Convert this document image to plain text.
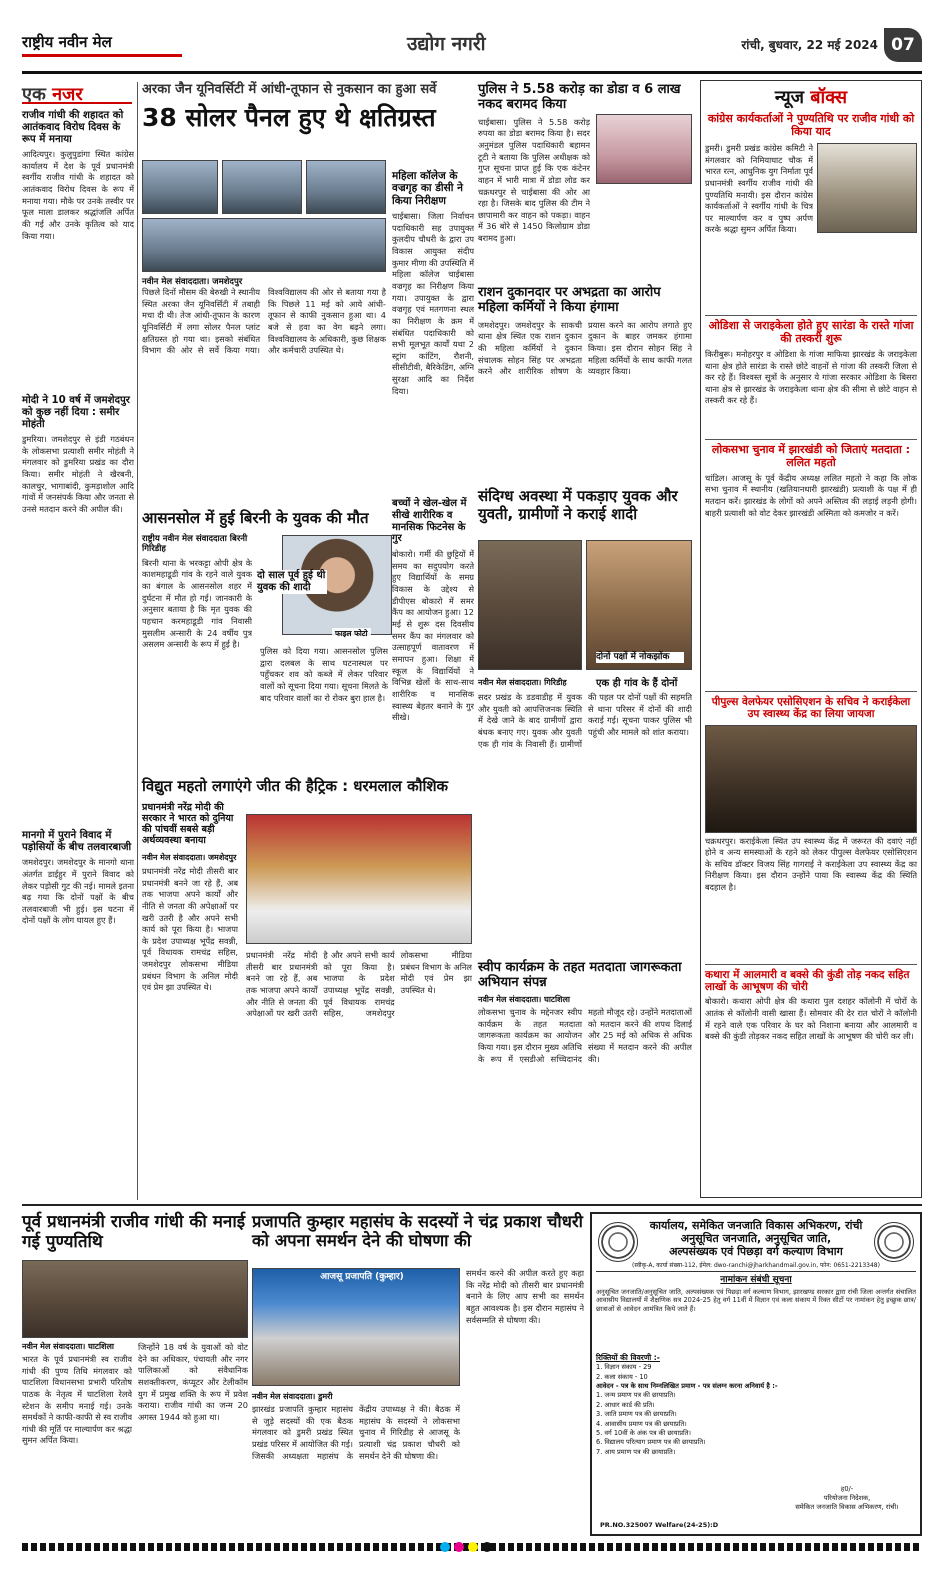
राष्ट्रीय नवीन मेल	उद्योग नगरी	रांची, बुधवार, 22 मई 2024 07
एक नजर
राजीव गांधी की शहादत को आतंकवाद विरोध दिवस के रूप में मनाया
आदित्यपुर। कुलुपुडांगा स्थित कांग्रेस कार्यालय में देश के पूर्व प्रधानमंत्री स्वर्गीय राजीव गांधी के शहादत को आतंकवाद विरोध दिवस के रूप में मनाया गया। मौके पर उनके तस्वीर पर फूल माला डालकर श्रद्धांजलि अर्पित की गई और उनके कृतित्व को याद किया गया।
मोदी ने 10 वर्ष में जमशेदपुर को कुछ नहीं दिया : समीर मोहंती
डुमरिया। जमशेदपुर से इंडी गठबंधन के लोकसभा प्रत्याशी समीर मोहंती ने मंगलवार को डुमरिया प्रखंड का दौरा किया। समीर मोहंती ने खैरबनी, कालचुर, भागाबांदी, कुमड़ाशोल आदि गांवों में जनसंपर्क किया और जनता से उनसे मतदान करने की अपील की।
मानगो में पुराने विवाद में पड़ोसियों के बीच तलवारबाजी
जमशेदपुर। जमशेदपुर के मानगो थाना अंतर्गत डाईहुर में पुराने विवाद को लेकर पड़ोसी गुट की नई। मामले इतना बढ़ गया कि दोनों पक्षों के बीच तलवारबाजी भी हुई। इस घटना में दोनों पक्षों के लोग घायल हुए हैं।
अरका जैन यूनिवर्सिटी में आंधी-तूफान से नुकसान का हुआ सर्वे
38 सोलर पैनल हुए थे क्षतिग्रस्त
नवीन मेल संवाददाता। जमशेदपुर
पिछले दिनों मौसम की बेरुखी ने स्थानीय स्थित अरका जैन यूनिवर्सिटी में तबाही मचा दी थी। तेज आंधी-तूफान के कारण यूनिवर्सिटी में लगा सोलर पैनल प्लांट क्षतिग्रस्त हो गया था। इसको संबंधित विभाग की ओर से सर्वे किया गया। विश्वविद्यालय की ओर से बताया गया है कि पिछले 11 मई को आये आंधी-तूफान से काफी नुकसान हुआ था। 4 बजे से हवा का वेग बढ़ने लगा। विश्वविद्यालय के अधिकारी, कुछ शिक्षक और कर्मचारी उपस्थित थे।
महिला कॉलेज के वज्रगृह का डीसी ने किया निरीक्षण
चाईबासा। जिला निर्वाचन पदाधिकारी सह उपायुक्त कुलदीप चौधरी के द्वारा उप विकास आयुक्त संदीप कुमार मीणा की उपस्थिति में महिला कॉलेज चाईबासा वज्रगृह का निरीक्षण किया गया। उपायुक्त के द्वारा वज्रगृह एवं मतगणना स्थल का निरीक्षण के क्रम में संबंधित पदाधिकारी को सभी मूलभूत कार्यों यथा 2 स्ट्रांग कांटिंग, रौशनी, सीसीटीवी, बैरिकेडिंग, अग्नि सुरक्षा आदि का निर्देश दिया।
आसनसोल में हुई बिरनी के युवक की मौत
राष्ट्रीय नवीन मेल संवाददाता बिरनी गिरिडीह
बिरनी थाना के भरकट्टा ओपी क्षेत्र के काशमहाडूडी गांव के रहने वाले युवक का बंगाल के आसनसोल शहर में दुर्घटना में मौत हो गई। जानकारी के अनुसार बताया है कि मृत युवक की पहचान करमहाडूडी गांव निवासी मुसलीम अन्सारी के 24 वर्षीय पुत्र असलम अन्सारी के रूप में हुई है।
दो साल पूर्व हुई थी युवक की शादी
फाइल फोटो
पुलिस को दिया गया। आसनसोल पुलिस द्वारा दलबल के साथ घटनास्थल पर पहुँचकर शव को कब्जे में लेकर परिवार वालों को सूचना दिया गया। सूचना मिलते के बाद परिवार वालों का रो रोकर बुरा हाल है।
बच्चों ने खेल-खेल में सीखे शारीरिक व मानसिक फिटनेस के गुर
बोकारो। गर्मी की छुट्टियों में समय का सदुपयोग करते हुए विद्यार्थियों के समग्र विकास के उद्देश्य से डीपीएस बोकारो में समर कैंप का आयोजन हुआ। 12 मई से शुरू दस दिवसीय समर कैंप का मंगलवार को उत्साहपूर्ण वातावरण में समापन हुआ। शिक्षा में स्कूल के विद्यार्थियों ने विभिन्न खेलों के साथ-साथ शारीरिक व मानसिक स्वास्थ्य बेहतर बनाने के गुर सीखे।
पुलिस ने 5.58 करोड़ का डोडा व 6 लाख नकद बरामद किया
चाईबासा। पुलिस ने 5.58 करोड़ रुपया का डोडा बरामद किया है। सदर अनुमंडल पुलिस पदाधिकारी बहामन टूटी ने बताया कि पुलिस अधीक्षक को गुप्त सूचना प्राप्त हुई कि एक कंटेनर वाहन में भारी मात्रा में डोडा लोड कर चक्रधरपुर से चाईबासा की ओर आ रहा है। जिसके बाद पुलिस की टीम ने छापामारी कर वाहन को पकड़ा। वाहन में 36 बोरे से 1450 किलोग्राम डोडा बरामद हुआ।
राशन दुकानदार पर अभद्रता का आरोप महिला कर्मियों ने किया हंगामा
जमशेदपुर। जमशेदपुर के साकची थाना क्षेत्र स्थित एक राशन दुकान की महिला कर्मियों ने दुकान संचालक सोहन सिंह पर अभद्रता करने और शारीरिक शोषण के प्रयास करने का आरोप लगाते हुए दुकान के बाहर जमकर हंगामा किया। इस दौरान सोहन सिंह ने महिला कर्मियों के साथ काफी गलत व्यवहार किया।
संदिग्ध अवस्था में पकड़ाए युवक और युवती, ग्रामीणों ने कराई शादी
दोनों पक्षों में नोकझोंक
एक ही गांव के हैं दोनों
नवीन मेल संवाददाता। गिरिडीह
सदर प्रखंड के डडवाडीह में युवक और युवती को आपत्तिजनक स्थिति में देखे जाने के बाद ग्रामीणों द्वारा बंधक बनाए गए। युवक और युवती एक ही गांव के निवासी हैं। ग्रामीणों की पहल पर दोनों पक्षों की सहमति से थाना परिसर में दोनों की शादी कराई गई। सूचना पाकर पुलिस भी पहुंची और मामले को शांत कराया।
विद्युत महतो लगाएंगे जीत की हैट्रिक : धरमलाल कौशिक
प्रधानमंत्री नरेंद्र मोदी की सरकार ने भारत को दुनिया की पांचवीं सबसे बड़ी अर्थव्यवस्था बनाया
नवीन मेल संवाददाता। जमशेदपुर
प्रधानमंत्री नरेंद्र मोदी तीसरी बार प्रधानमंत्री बनने जा रहे हैं, अब तक भाजपा अपने कार्यों और नीति से जनता की अपेक्षाओं पर खरी उतरी है और अपने सभी कार्य को पूरा किया है। भाजपा के प्रदेश उपाध्यक्ष भूपेंद्र सवन्नी, पूर्व विधायक रामचंद्र सहिस, जमशेदपुर लोकसभा मीडिया प्रबंधन विभाग के अनिल मोदी एवं प्रेम झा उपस्थित थे।
प्रधानमंत्री नरेंद्र मोदी तीसरी बार प्रधानमंत्री बनने जा रहे हैं, अब तक भाजपा अपने कार्यों और नीति से जनता की अपेक्षाओं पर खरी उतरी है और अपने सभी कार्य को पूरा किया है। भाजपा के प्रदेश उपाध्यक्ष भूपेंद्र सवन्नी, पूर्व विधायक रामचंद्र सहिस, जमशेदपुर लोकसभा मीडिया प्रबंधन विभाग के अनिल मोदी एवं प्रेम झा उपस्थित थे।
स्वीप कार्यक्रम के तहत मतदाता जागरूकता अभियान संपन्न
नवीन मेल संवाददाता। घाटशिला
लोकसभा चुनाव के मद्देनजर स्वीप कार्यक्रम के तहत मतदाता जागरूकता कार्यक्रम का आयोजन किया गया। इस दौरान मुख्य अतिथि के रूप में एसडीओ सच्चिदानंद महतो मौजूद रहे। उन्होंने मतदाताओं को मतदान करने की शपथ दिलाई और 25 मई को अधिक से अधिक संख्या में मतदान करने की अपील की।
न्यूज बॉक्स
कांग्रेस कार्यकर्ताओं ने पुण्यतिथि पर राजीव गांधी को किया याद
डुमरी। डुमरी प्रखंड कांग्रेस कमिटी ने मंगलवार को निमियाघाट चौक में भारत रत्न, आधुनिक युग निर्माता पूर्व प्रधानमंत्री स्वर्गीय राजीव गांधी की पुण्यतिथि मनायी। इस दौरान कांग्रेस कार्यकर्ताओं ने स्वर्गीय गांधी के चित्र पर माल्यार्पण कर व पुष्प अर्पण करके श्रद्धा सुमन अर्पित किया।
ओडिशा से जराइकेला होते हुए सारंडा के रास्ते गांजा की तस्करी शुरू
किरीबुरू। मनोहरपुर व ओडिशा के गांजा माफिया झारखंड के जराइकेला थाना क्षेत्र होते सारंडा के रास्ते छोटे वाहनों से गांजा की तस्करी जिला से कर रहे हैं। विश्वस्त सूत्रों के अनुसार ये गांजा सरकार ओडिशा के बिसरा थाना क्षेत्र से झारखंड के जराइकेला थाना क्षेत्र की सीमा से छोटे वाहन से तस्करी कर रहे हैं।
लोकसभा चुनाव में झारखंडी को जिताएं मतदाता : ललित महतो
चांडिल। आजसू के पूर्व केंद्रीय अध्यक्ष ललित महतो ने कहा कि लोक सभा चुनाव में स्थानीय (खतियानधारी झारखंडी) प्रत्याशी के पक्ष में ही मतदान करें। झारखंड के लोगों को अपने अस्तित्व की लड़ाई लड़नी होगी। बाहरी प्रत्याशी को वोट देकर झारखंडी अस्मिता को कमजोर न करें।
पीपुल्स वेलफेयर एसोसिएशन के सचिव ने कराईकेला उप स्वास्थ्य केंद्र का लिया जायजा
चक्रधरपुर। कराईकेला स्थित उप स्वास्थ्य केंद्र में जरूरत की दवाएं नहीं होने व अन्य समस्याओं के रहने को लेकर पीपुल्स वेलफेयर एसोसिएशन के सचिव डॉक्टर विजय सिंह गागराई ने कराईकेला उप स्वास्थ्य केंद्र का निरीक्षण किया। इस दौरान उन्होंने पाया कि स्वास्थ्य केंद्र की स्थिति बदहाल है।
कथारा में आलमारी व बक्से की कुंडी तोड़ नकद सहित लाखों के आभूषण की चोरी
बोकारो। कथारा ओपी क्षेत्र की कथारा पुल दशहर कॉलोनी में चोरों के आतंक से कॉलोनी वासी खासा हैं। सोमवार की देर रात चोरों ने कॉलोनी में रहने वाले एक परिवार के घर को निशाना बनाया और आलमारी व बक्से की कुंडी तोड़कर नकद सहित लाखों के आभूषण की चोरी कर ली।
पूर्व प्रधानमंत्री राजीव गांधी की मनाई गई पुण्यतिथि
नवीन मेल संवाददाता। घाटशिला
भारत के पूर्व प्रधानमंत्री स्व राजीव गांधी की पुण्य तिथि मंगलवार को घाटशिला विधानसभा प्रभारी परितोष पाठक के नेतृत्व में घाटशिला रेलवे स्टेशन के समीप मनाई गई। उनके समर्थकों ने काफी-काफी से स्व राजीव गांधी की मूर्ति पर माल्यार्पण कर श्रद्धा सुमन अर्पित किया।
जिन्होंने 18 वर्ष के युवाओं को वोट देने का अधिकार, पंचायती और नगर पालिकाओं को संवैधानिक सशक्तीकरण, कंप्यूटर और टेलीकॉम युग में प्रमुख शक्ति के रूप में प्रवेश कराया। राजीव गांधी का जन्म 20 अगस्त 1944 को हुआ था।
प्रजापति कुम्हार महासंघ के सदस्यों ने चंद्र प्रकाश चौधरी को अपना समर्थन देने की घोषणा की
आजसू प्रजापति (कुम्हार)
नवीन मेल संवाददाता। डुमरी
झारखंड प्रजापति कुम्हार महासंघ से जुड़े सदस्यों की एक बैठक मंगलवार को डुमरी प्रखंड स्थित प्रखंड परिसर में आयोजित की गई। जिसकी अध्यक्षता महासंघ के केंद्रीय उपाध्यक्ष ने की। बैठक में महासंघ के सदस्यों ने लोकसभा चुनाव में गिरिडीह से आजसू के प्रत्याशी चंद्र प्रकाश चौधरी को समर्थन देने की घोषणा की।
समर्थन करने की अपील करते हुए कहा कि नरेंद्र मोदी को तीसरी बार प्रधानमंत्री बनाने के लिए आप सभी का समर्थन बहुत आवश्यक है। इस दौरान महासंघ ने सर्वसम्मति से घोषणा की।
कार्यालय, समेकित जनजाति विकास अभिकरण, रांची
अनुसूचित जनजाति, अनुसूचित जाति,
अल्पसंख्यक एवं पिछड़ा वर्ग कल्याण विभाग
(स्वीकृ-A, कार्या संख्या-112, ईमेल: dwo-ranchi@jharkhandmail.gov.in, फोन: 0651-2213348)
नामांकन संबंधी सूचना
अनुसूचित जनजाति/अनुसूचित जाति, अल्पसंख्यक एवं पिछड़ा वर्ग कल्याण विभाग, झारखण्ड सरकार द्वारा रांची जिला अन्तर्गत संचालित आवासीय विद्यालयों में शैक्षणिक सत्र 2024-25 हेतु वर्ग 11वीं में विज्ञान एवं कला संकाय में रिक्त सीटों पर नामांकन हेतु इच्छुक छात्र/छात्राओं से आवेदन आमंत्रित किये जाते हैं।
रिक्तियों की विवरणी :-
1. विज्ञान संकाय - 29
2. कला संकाय - 10
आवेदन - पत्र के साथ निम्नलिखित प्रमाण - पत्र संलग्न करना अनिवार्य है :-
1. जन्म प्रमाण पत्र की छायाप्रति।
2. आधार कार्ड की प्रति।
3. जाति प्रमाण पत्र की छायाप्रति।
4. आवासीय प्रमाण पत्र की छायाप्रति।
5. वर्ग 10वीं के अंक पत्र की छायाप्रति।
6. विद्यालय परित्याग प्रमाण पत्र की छायाप्रति।
7. आय प्रमाण पत्र की छायाप्रति।
ह0/-
परियोजना निदेशक,
समेकित जनजाति विकास अभिकरण, रांची।
PR.NO.325007 Welfare(24-25):D
